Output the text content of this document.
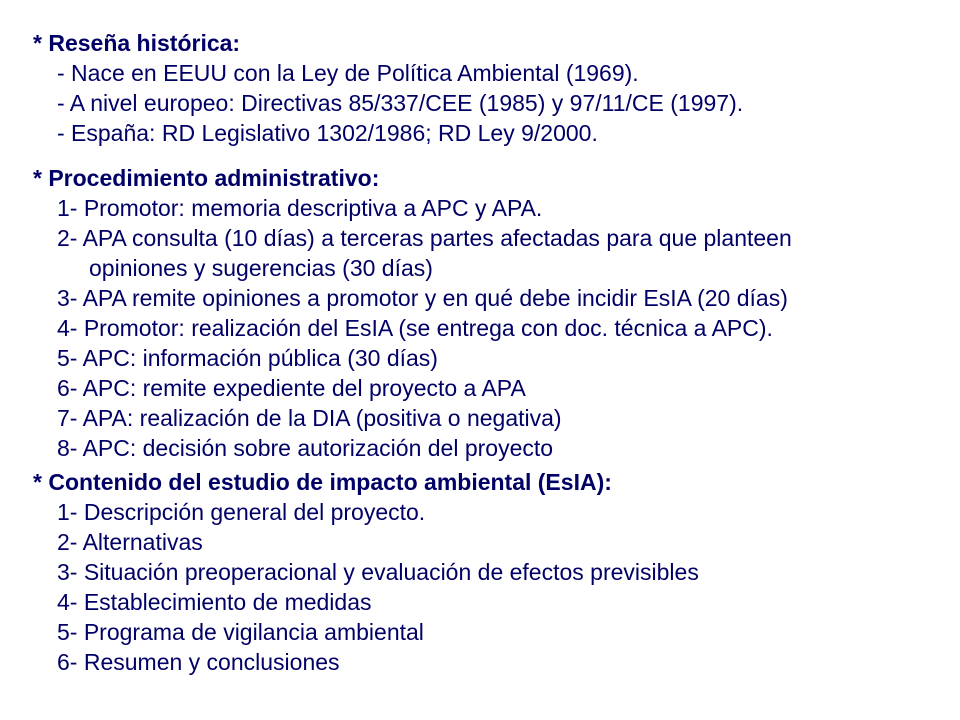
* Reseña histórica:
- Nace en EEUU con la Ley de Política Ambiental (1969).
- A nivel europeo: Directivas 85/337/CEE (1985) y 97/11/CE (1997).
- España: RD Legislativo 1302/1986; RD Ley 9/2000.
* Procedimiento administrativo:
1- Promotor: memoria descriptiva a APC y APA.
2- APA consulta (10 días) a terceras partes afectadas para que planteen
opiniones y sugerencias (30 días)
3- APA remite opiniones a promotor y en qué debe incidir EsIA (20 días)
4- Promotor: realización del EsIA (se entrega con doc. técnica a APC).
5- APC: información pública (30 días)
6- APC: remite expediente del proyecto a APA
7- APA: realización de la DIA (positiva o negativa)
8- APC: decisión sobre autorización del proyecto
* Contenido del estudio de impacto ambiental (EsIA):
1- Descripción general del proyecto.
2- Alternativas
3- Situación preoperacional y evaluación de efectos previsibles
4- Establecimiento de medidas
5- Programa de vigilancia ambiental
6- Resumen y conclusiones
